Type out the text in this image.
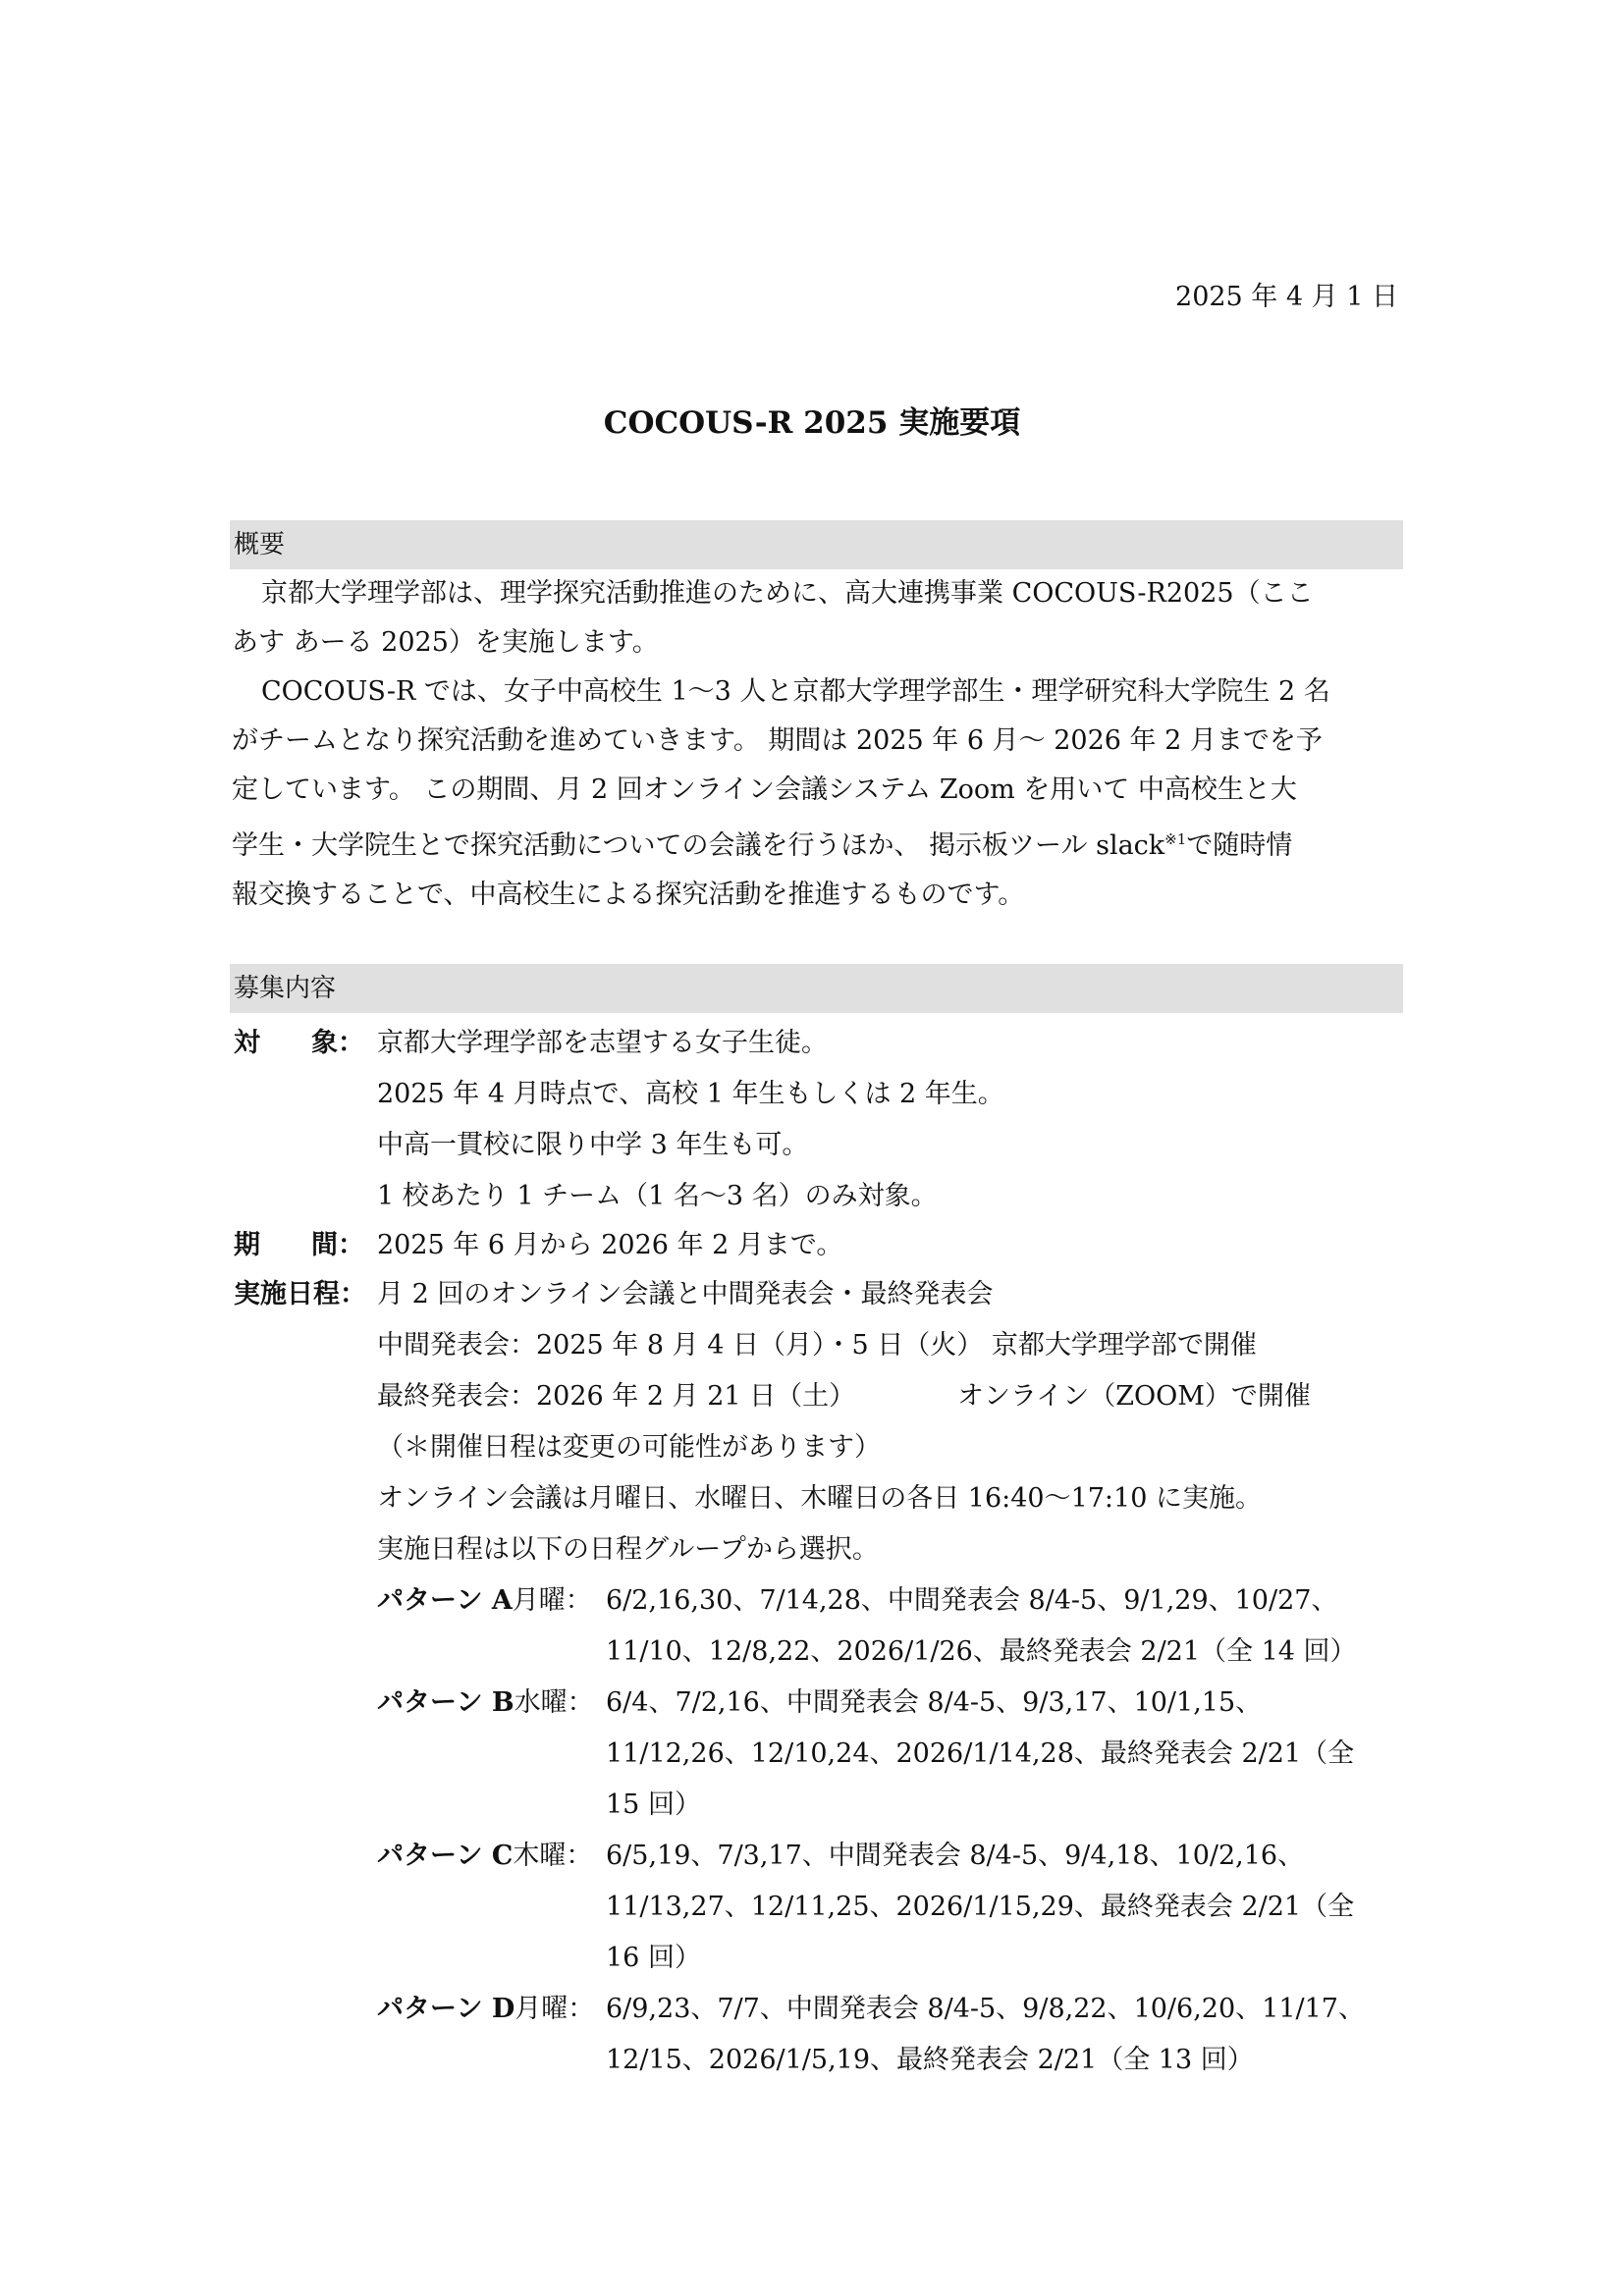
2025 年 4 月 1 日
COCOUS-R 2025 実施要項
概要
京都大学理学部は、理学探究活動推進のために、高大連携事業 COCOUS-R2025（ここ
あす あーる 2025）を実施します。
COCOUS-R では、女子中高校生 1〜3 人と京都大学理学部生・理学研究科大学院生 2 名
がチームとなり探究活動を進めていきます。 期間は 2025 年 6 月〜 2026 年 2 月までを予
定しています。 この期間、月 2 回オンライン会議システム Zoom を用いて 中高校生と大
学生・大学院生とで探究活動についての会議を行うほか、 掲示板ツール slack$^{※1}$で随時情
報交換することで、中高校生による探究活動を推進するものです。
募集内容
対 象： 京都大学理学部を志望する女子生徒。
2025 年 4 月時点で、高校 1 年生もしくは 2 年生。
中高一貫校に限り中学 3 年生も可。
1 校あたり 1 チーム（1 名〜3 名）のみ対象。
期 間： 2025 年 6 月から 2026 年 2 月まで。
実施日程： 月 2 回のオンライン会議と中間発表会・最終発表会
中間発表会：2025 年 8 月 4 日（月）・5 日（火） 京都大学理学部で開催
最終発表会：2026 年 2 月 21 日（土）	オンライン（ZOOM）で開催
（＊開催日程は変更の可能性があります）
オンライン会議は月曜日、水曜日、木曜日の各日 16:40〜17:10 に実施。
実施日程は以下の日程グループから選択。
パターン A月曜： 6/2,16,30、7/14,28、中間発表会 8/4-5、9/1,29、10/27、
11/10、12/8,22、2026/1/26、最終発表会 2/21（全 14 回）
パターン B水曜： 6/4、7/2,16、中間発表会 8/4-5、9/3,17、10/1,15、
11/12,26、12/10,24、2026/1/14,28、最終発表会 2/21（全
15 回）
パターン C木曜： 6/5,19、7/3,17、中間発表会 8/4-5、9/4,18、10/2,16、
11/13,27、12/11,25、2026/1/15,29、最終発表会 2/21（全
16 回）
パターン D月曜： 6/9,23、7/7、中間発表会 8/4-5、9/8,22、10/6,20、11/17、
12/15、2026/1/5,19、最終発表会 2/21（全 13 回）
